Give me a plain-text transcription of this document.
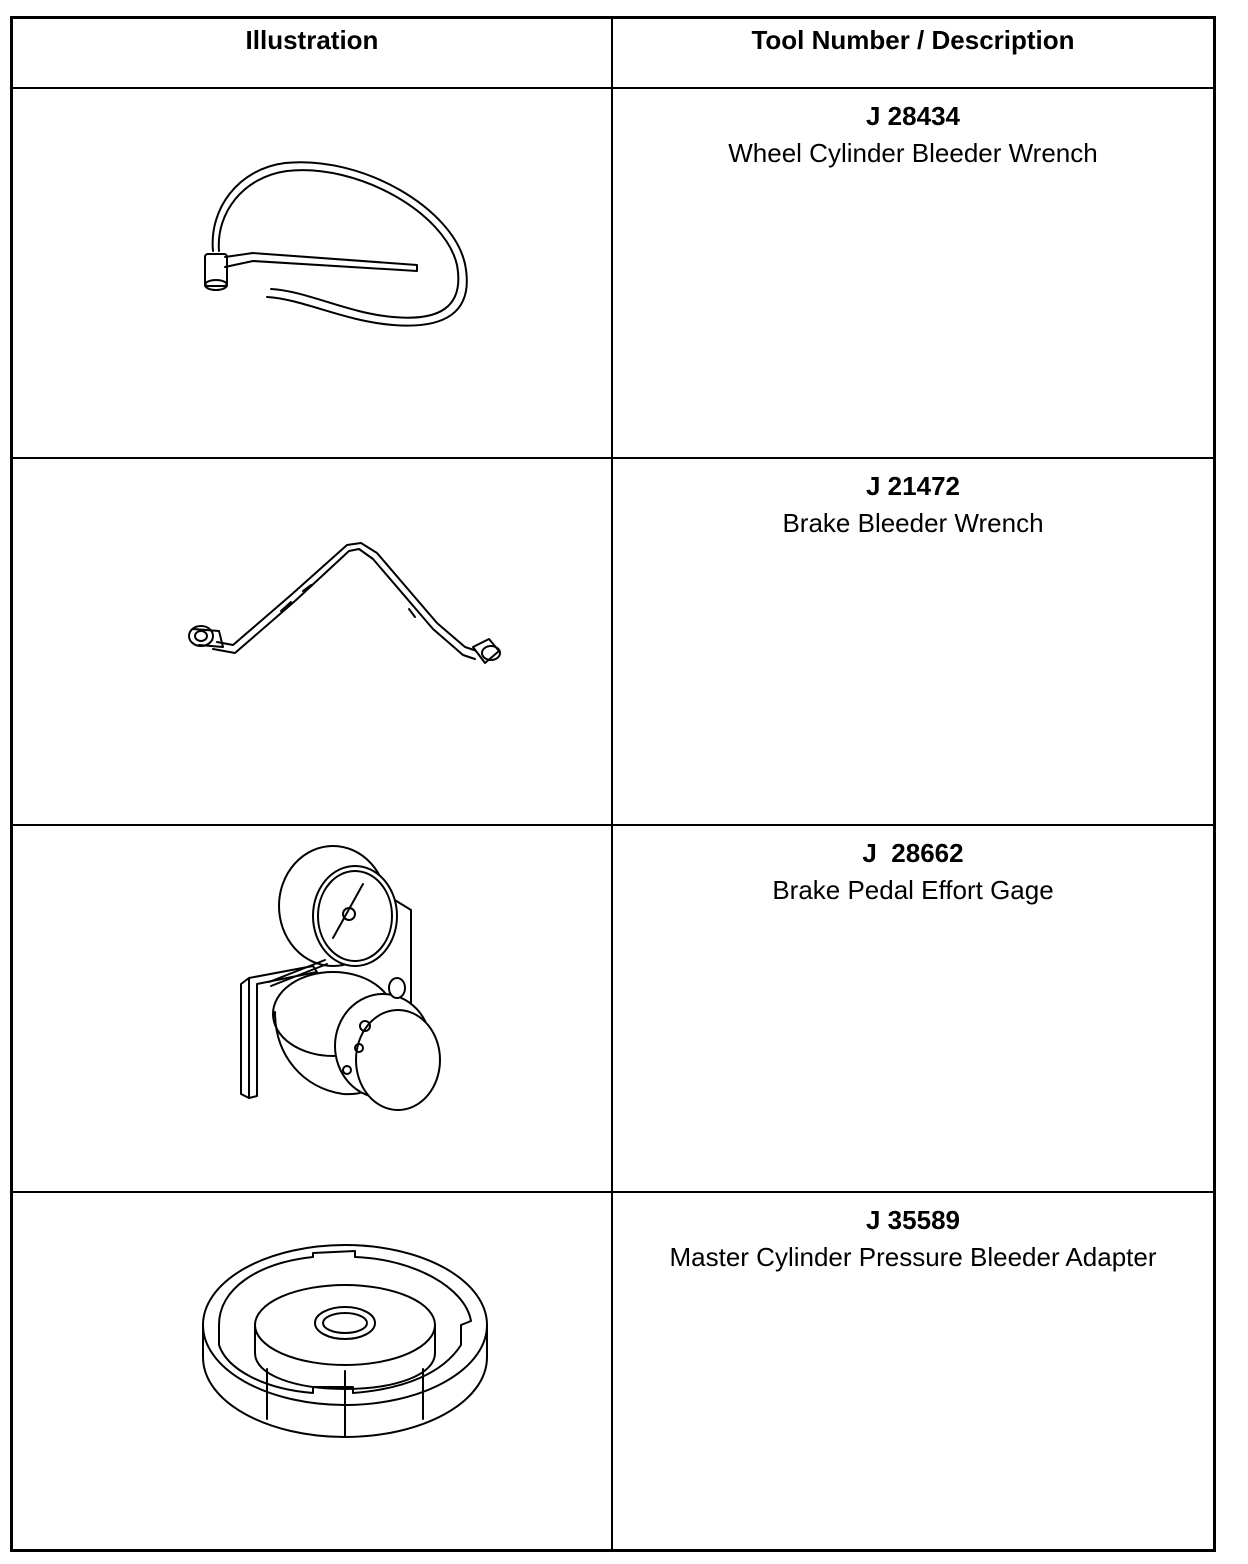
Illustration	Tool Number / Description
J 28434
Wheel Cylinder Bleeder Wrench
J 21472
Brake Bleeder Wrench
J  28662
Brake Pedal Effort Gage
J 35589
Master Cylinder Pressure Bleeder Adapter
